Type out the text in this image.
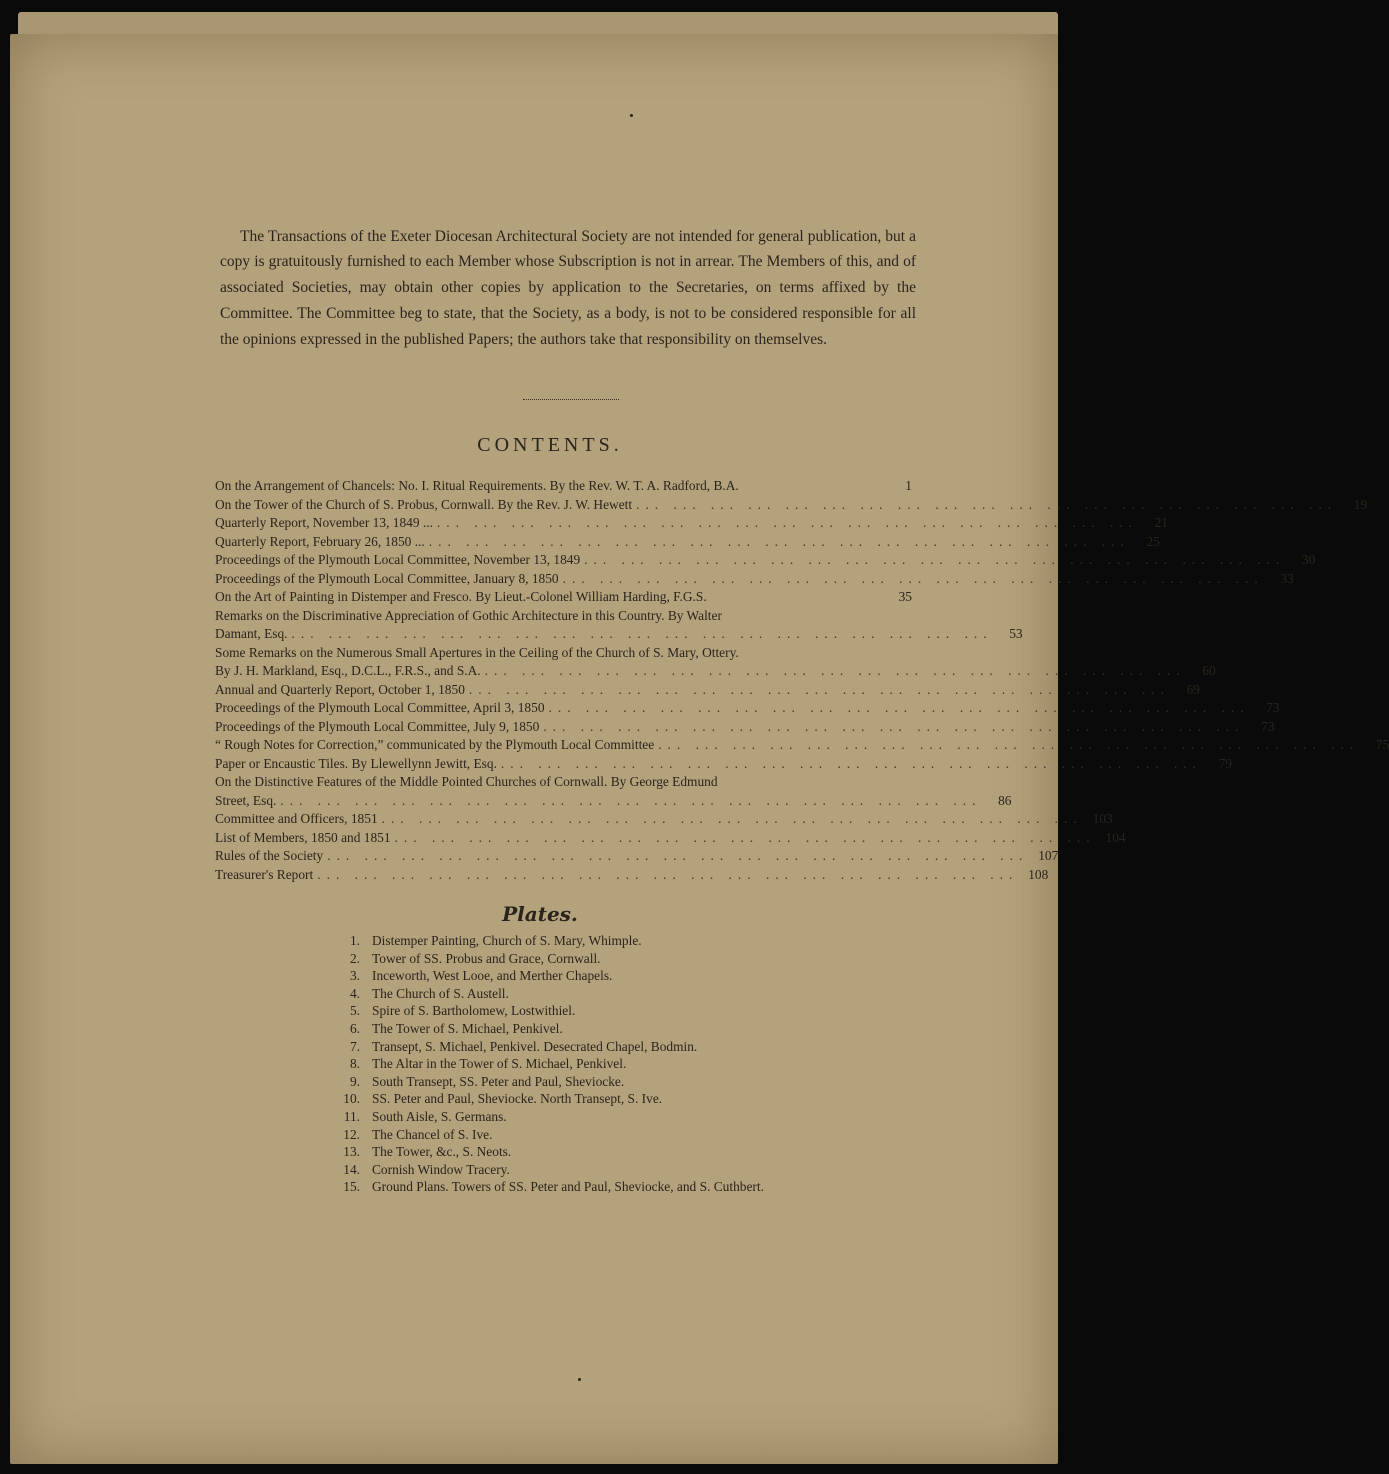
The Transactions of the Exeter Diocesan Architectural Society are not intended for general publication, but a copy is gratuitously furnished to each Member whose Subscription is not in arrear. The Members of this, and of associated Societies, may obtain other copies by application to the Secretaries, on terms affixed by the Committee. The Committee beg to state, that the Society, as a body, is not to be considered responsible for all the opinions expressed in the published Papers; the authors take that responsibility on themselves.

CONTENTS.
On the Arrangement of Chancels: No. I. Ritual Requirements. By the Rev. W. T. A. Radford, B.A.	1
On the Tower of the Church of S. Probus, Cornwall. By the Rev. J. W. Hewett ... ... ... ... ... ... ... ... ... ... ... ... ... ... ... ... ... ... ...	19
Quarterly Report, November 13, 1849 ... ... ... ... ... ... ... ... ... ... ... ... ... ... ... ... ... ... ... ...	21
Quarterly Report, February 26, 1850 ... ... ... ... ... ... ... ... ... ... ... ... ... ... ... ... ... ... ... ...	25
Proceedings of the Plymouth Local Committee, November 13, 1849 ... ... ... ... ... ... ... ... ... ... ... ... ... ... ... ... ... ... ...	30
Proceedings of the Plymouth Local Committee, January 8, 1850 ... ... ... ... ... ... ... ... ... ... ... ... ... ... ... ... ... ... ...	33
On the Art of Painting in Distemper and Fresco. By Lieut.-Colonel William Harding, F.G.S.	35
Remarks on the Discriminative Appreciation of Gothic Architecture in this Country. By Walter
Damant, Esq. ... ... ... ... ... ... ... ... ... ... ... ... ... ... ... ... ... ... ...	53
Some Remarks on the Numerous Small Apertures in the Ceiling of the Church of S. Mary, Ottery.
By J. H. Markland, Esq., D.C.L., F.R.S., and S.A. ... ... ... ... ... ... ... ... ... ... ... ... ... ... ... ... ... ... ...	60
Annual and Quarterly Report, October 1, 1850 ... ... ... ... ... ... ... ... ... ... ... ... ... ... ... ... ... ... ...	69
Proceedings of the Plymouth Local Committee, April 3, 1850 ... ... ... ... ... ... ... ... ... ... ... ... ... ... ... ... ... ... ...	73
Proceedings of the Plymouth Local Committee, July 9, 1850 ... ... ... ... ... ... ... ... ... ... ... ... ... ... ... ... ... ... ...	73
“ Rough Notes for Correction,” communicated by the Plymouth Local Committee ... ... ... ... ... ... ... ... ... ... ... ... ... ... ... ... ... ... ...	75
Paper or Encaustic Tiles. By Llewellynn Jewitt, Esq. ... ... ... ... ... ... ... ... ... ... ... ... ... ... ... ... ... ... ...	79
On the Distinctive Features of the Middle Pointed Churches of Cornwall. By George Edmund
Street, Esq. ... ... ... ... ... ... ... ... ... ... ... ... ... ... ... ... ... ... ...	86
Committee and Officers, 1851 ... ... ... ... ... ... ... ... ... ... ... ... ... ... ... ... ... ... ... 103
List of Members, 1850 and 1851 ... ... ... ... ... ... ... ... ... ... ... ... ... ... ... ... ... ... ... 104
Rules of the Society ... ... ... ... ... ... ... ... ... ... ... ... ... ... ... ... ... ... ... 107
Treasurer's Report ... ... ... ... ... ... ... ... ... ... ... ... ... ... ... ... ... ... ... 108
Plates.
1. Distemper Painting, Church of S. Mary, Whimple.
2. Tower of SS. Probus and Grace, Cornwall.
3. Inceworth, West Looe, and Merther Chapels.
4. The Church of S. Austell.
5. Spire of S. Bartholomew, Lostwithiel.
6. The Tower of S. Michael, Penkivel.
7. Transept, S. Michael, Penkivel. Desecrated Chapel, Bodmin.
8. The Altar in the Tower of S. Michael, Penkivel.
9. South Transept, SS. Peter and Paul, Sheviocke.
10. SS. Peter and Paul, Sheviocke. North Transept, S. Ive.
11. South Aisle, S. Germans.
12. The Chancel of S. Ive.
13. The Tower, &c., S. Neots.
14. Cornish Window Tracery.
15. Ground Plans. Towers of SS. Peter and Paul, Sheviocke, and S. Cuthbert.
